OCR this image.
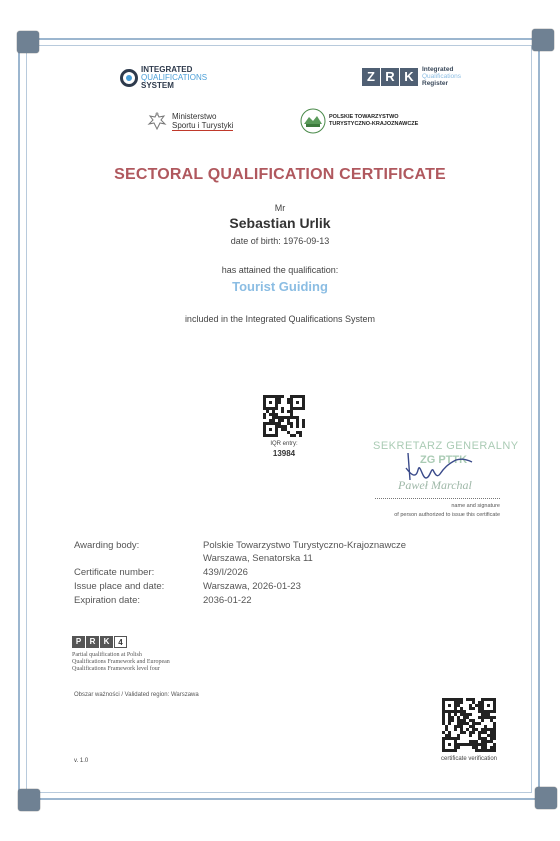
INTEGRATED
QUALIFICATIONS
SYSTEM
Z R K	Integrated
Qualifications
Register
Ministerstwo
Sportu i Turystyki
POLSKIE TOWARZYSTWO
TURYSTYCZNO-KRAJOZNAWCZE
SECTORAL QUALIFICATION CERTIFICATE
Mr
Sebastian Urlik
date of birth: 1976-09-13
has attained the qualification:
Tourist Guiding
included in the Integrated Qualifications System
IQR entry:
13984
SEKRETARZ GENERALNY
ZG PTTK
Paweł Marchal
name and signature
of person authorized to issue this certificate
Awarding body:	Polskie Towarzystwo Turystyczno-Krajoznawcze
Warszawa, Senatorska 11
Certificate number:	439/I/2026
Issue place and date:	Warszawa, 2026-01-23
Expiration date:	2036-01-22
P	R	K	4
Partial qualification at Polish
Qualifications Framework and European
Qualifications Framework level four
Obszar ważności / Validated region: Warszawa
certificate verification
v. 1.0
